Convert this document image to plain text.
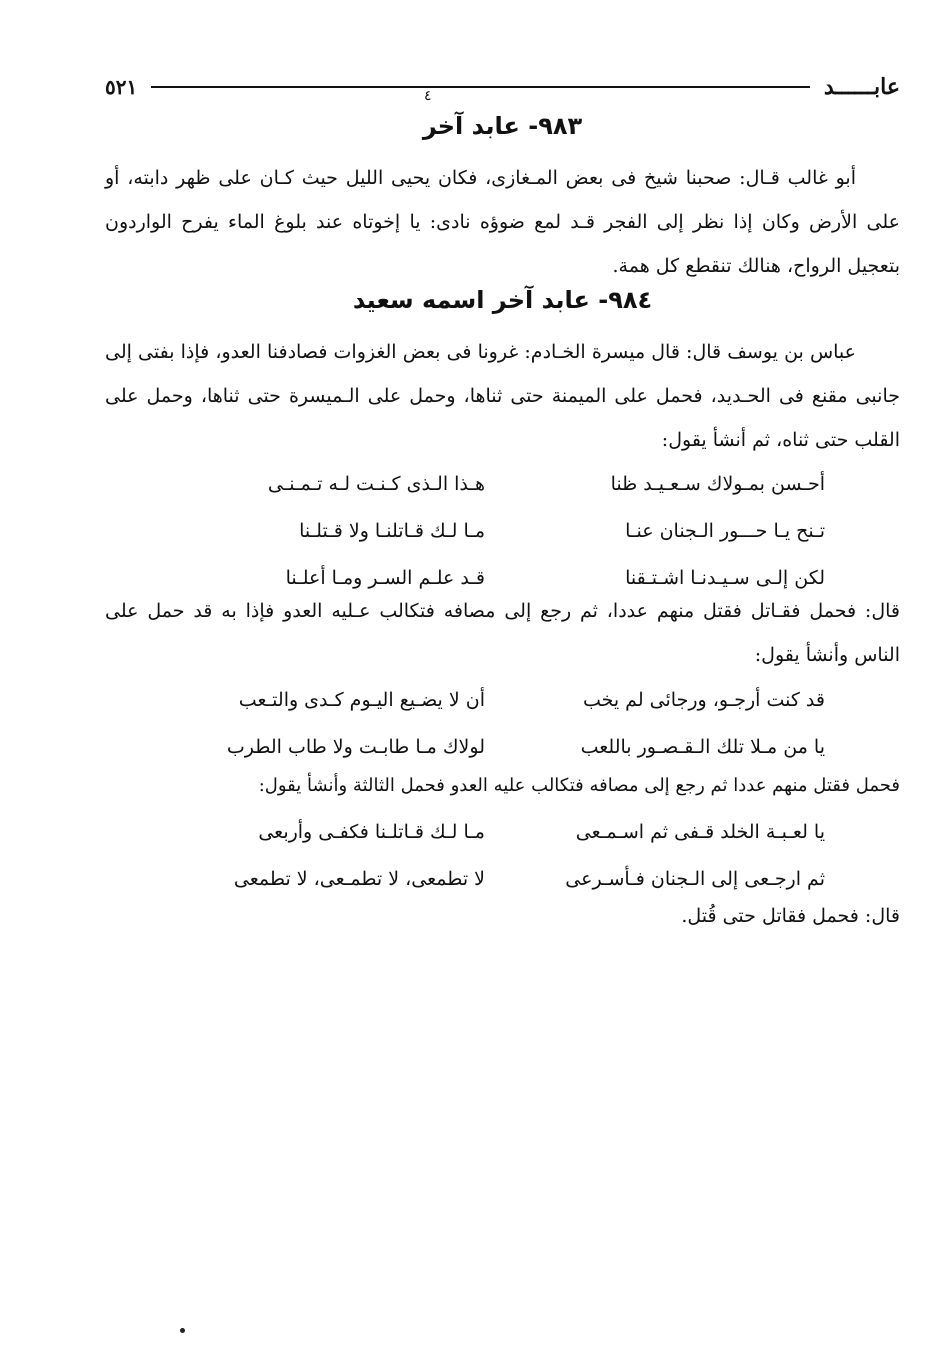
عابــــــد
٥٢١	٤
٩٨٣- عابد آخر
أبو غالب قـال: صحبنا شيخ فى بعض المـغازى، فكان يحيى الليل حيث كـان على ظهر دابته، أو على الأرض وكان إذا نظر إلى الفجر قـد لمع ضوؤه نادى: يا إخوتاه عند بلوغ الماء يفرح الواردون بتعجيل الرواح، هنالك تنقطع كل همة.
٩٨٤- عابد آخر اسمه سعيد
عباس بن يوسف قال: قال ميسرة الخـادم: غرونا فى بعض الغزوات فصادفنا العدو، فإذا بفتى إلى جانبى مقنع فى الحـديد، فحمل على الميمنة حتى ثناها، وحمل على الـميسرة حتى ثناها، وحمل على القلب حتى ثناه، ثم أنشأ يقول:
أحـسن بمـولاك سـعـيـد ظنا
هـذا الـذى كـنـت لـه تـمـنـى
تـنح يـا حـــور الـجنان عنـا
مـا لـك قـاتلنـا ولا قـتلـنا
لكن إلـى سـيـدنـا اشـتـقنا
قـد علـم السـر ومـا أعلـنا
قال: فحمل فقـاتل فقتل منهم عددا، ثم رجع إلى مصافه فتكالب عـليه العدو فإذا به قد حمل على الناس وأنشأ يقول:
قد كنت أرجـو، ورجائى لم يخب
أن لا يضـيع اليـوم كـدى والتـعب
يا من مـلا تلك الـقـصـور باللعب
لولاك مـا طابـت ولا طاب الطرب
فحمل فقتل منهم عددا ثم رجع إلى مصافه فتكالب عليه العدو فحمل الثالثة وأنشأ يقول:
يا لعـبـة الخلد قـفى ثم اسـمـعى
مـا لـك قـاتلـنا فكفـى وأربعى
ثم ارجـعى إلى الـجنان فـأسـرعى
لا تطمعى، لا تطمـعى، لا تطمعى
قال: فحمل فقاتل حتى قُتل.
